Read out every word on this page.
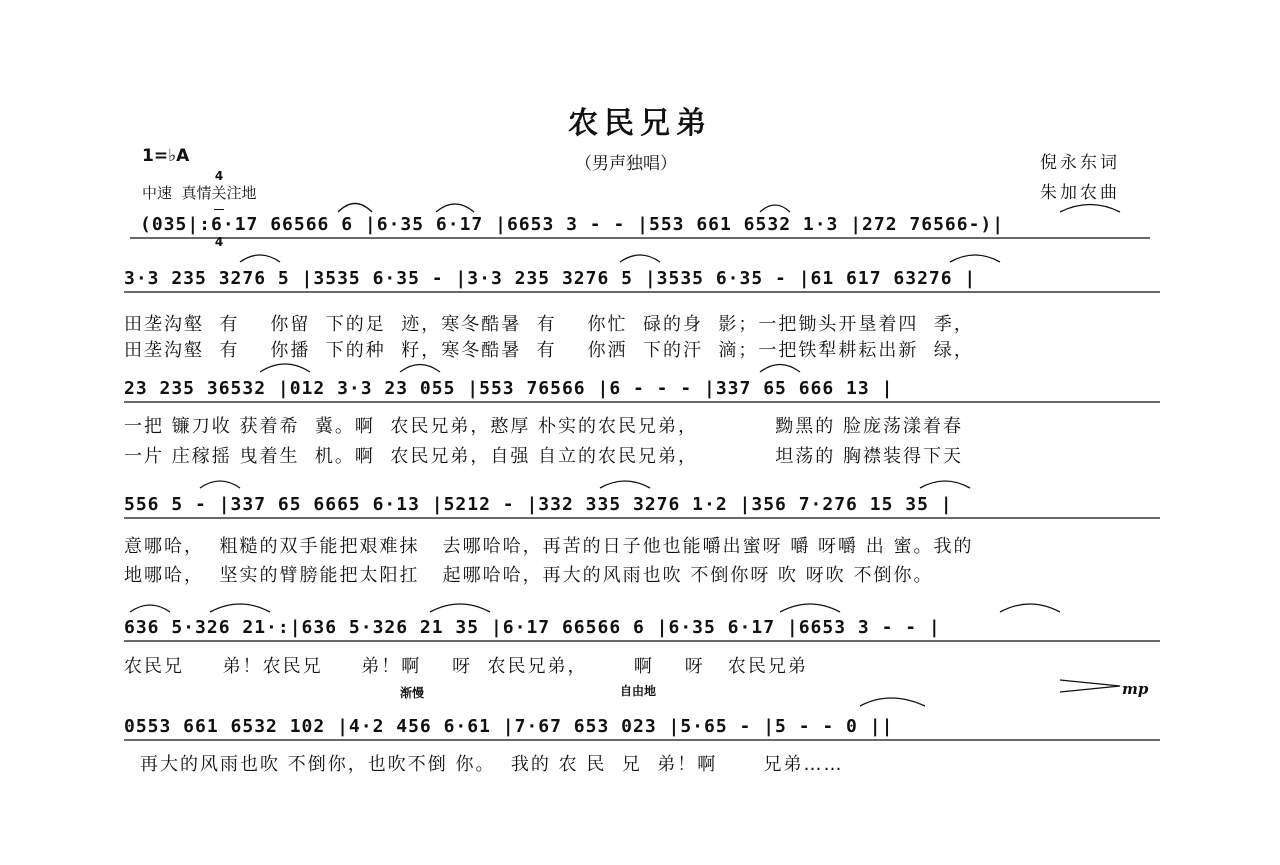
农民兄弟
（男声独唱）	倪永东词
朱加农曲
1=♭A

4

4

中速  真情关注地
(035|:6·17 66566 6 |6·35 6·17 |6653 3 - - |553 661 6532 1·3 |272 76566-)|
3·3 235 3276 5 |3535 6·35 - |3·3 235 3276 5 |3535 6·35 - |61 617 63276 |
田垄沟壑  有    你留  下的足  迹，寒冬酷暑  有    你忙  碌的身  影；一把锄头开垦着四  季，
田垄沟壑  有    你播  下的种  籽，寒冬酷暑  有    你洒  下的汗  滴；一把铁犁耕耘出新  绿，
23 235 36532 |012 3·3 23 055 |553 76566 |6 - - - |337 65 666 13 |
一把 镰刀收 获着希  冀。啊  农民兄弟，憨厚 朴实的农民兄弟，          黝黑的 脸庞荡漾着春
一片 庄稼摇 曳着生  机。啊  农民兄弟，自强 自立的农民兄弟，          坦荡的 胸襟装得下天
556 5 - |337 65 6665 6·13 |5212 - |332 335 3276 1·2 |356 7·276 15 35 |
意哪哈，  粗糙的双手能把艰难抹   去哪哈哈，再苦的日子他也能嚼出蜜呀 嚼 呀嚼 出 蜜。我的
地哪哈，  坚实的臂膀能把太阳扛   起哪哈哈，再大的风雨也吹 不倒你呀 吹 呀吹 不倒你。
636 5·326 21·:|636 5·326 21 35 |6·17 66566 6 |6·35 6·17 |6653 3 - - |
农民兄     弟！农民兄     弟！啊    呀  农民兄弟，      啊    呀   农民兄弟
渐慢	自由地	mp
0553 661 6532 102 |4·2 456 6·61 |7·67 653 023 |5·65 - |5 - - 0 ||
再大的风雨也吹 不倒你，也吹不倒 你。  我的 农 民  兄  弟！啊      兄弟……
